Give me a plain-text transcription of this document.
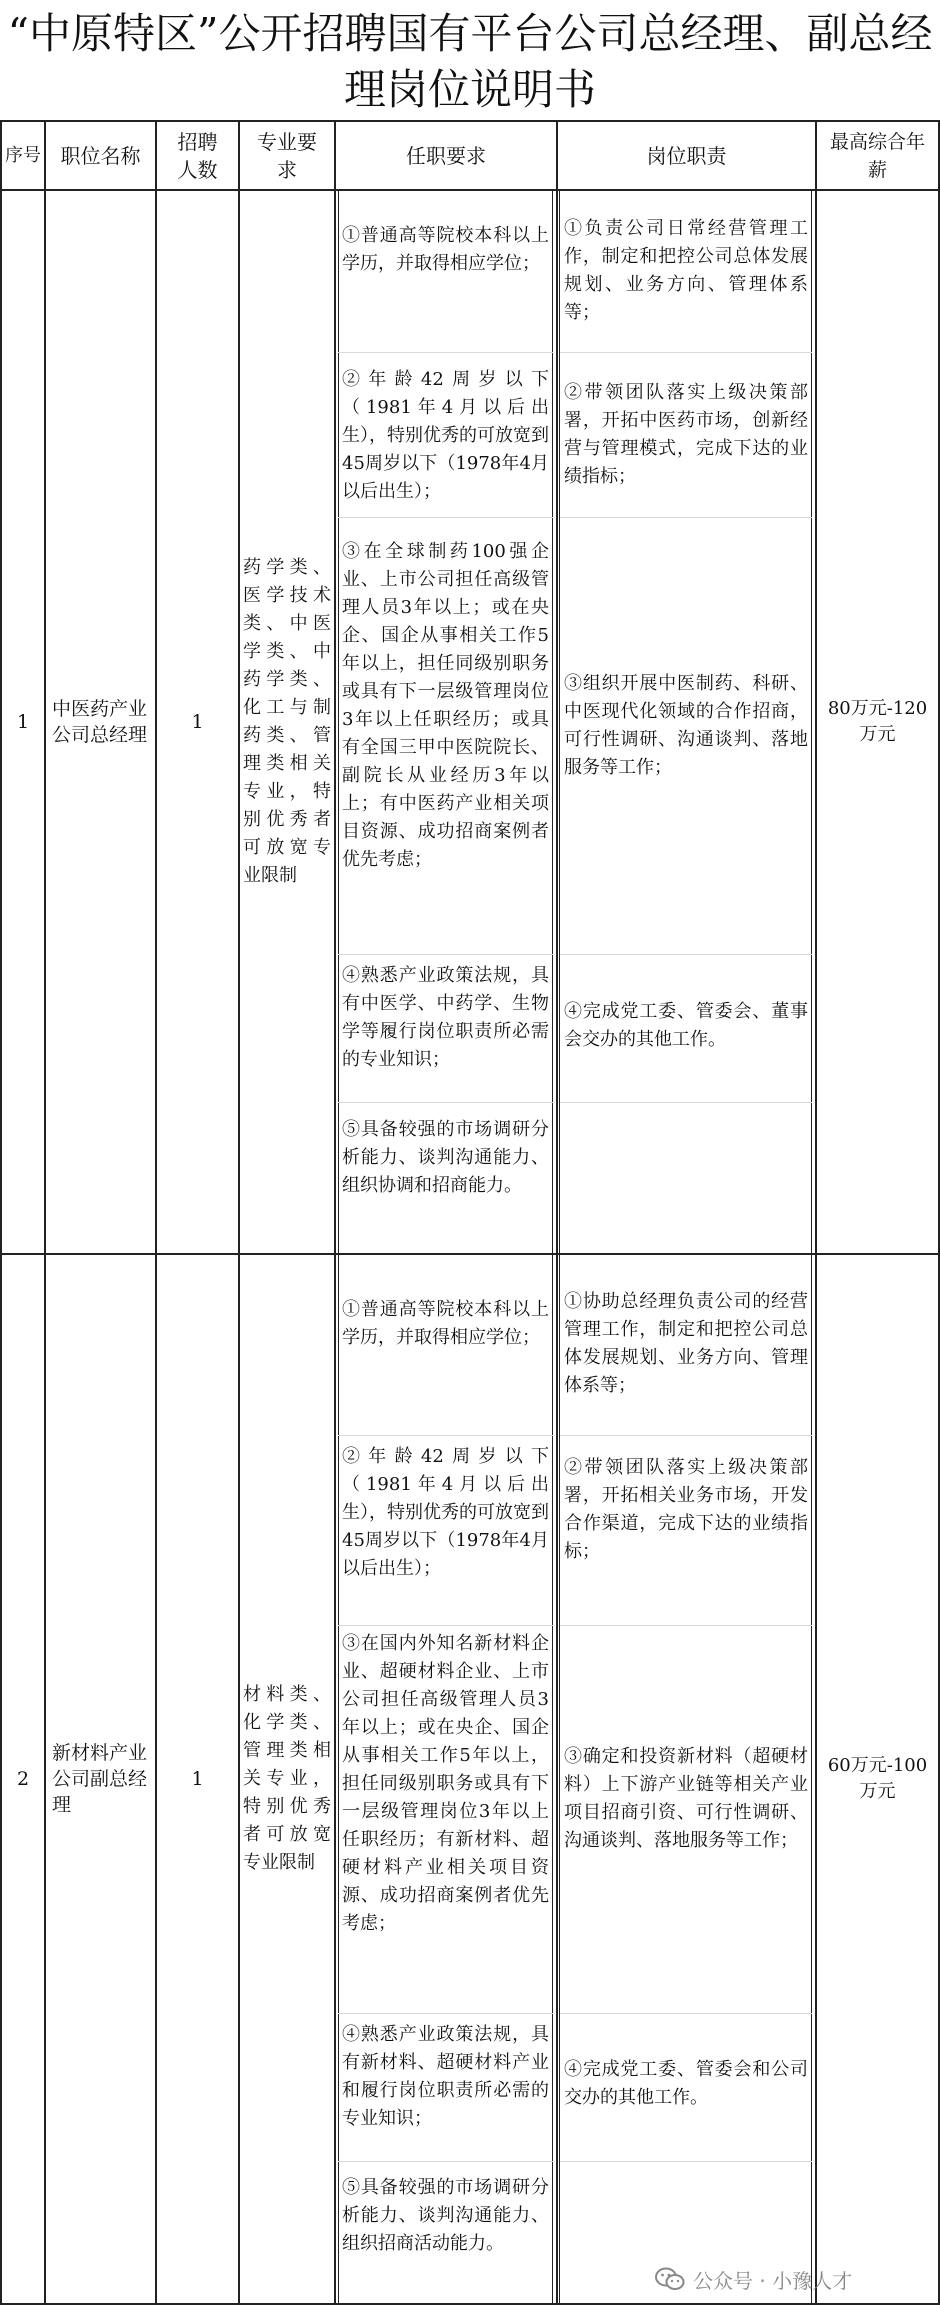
“中原特区”公开招聘国有平台公司总经理、副总经
理岗位说明书
序号 职位名称
招聘人数
专业要求
任职要求	岗位职责
最高综合年薪
1
中医药产业公司总经理
1
药学类、医学技术类、中医学类、中药学类、化工与制药类、管理类相关专业，特别优秀者可放宽专业限制
①普通高等院校本科以上学历，并取得相应学位；
②年龄42周岁以下（1981年4月以后出生），特别优秀的可放宽到45周岁以下（1978年4月以后出生）；
③在全球制药100强企业、上市公司担任高级管理人员3年以上；或在央企、国企从事相关工作5年以上，担任同级别职务或具有下一层级管理岗位3年以上任职经历；或具有全国三甲中医院院长、副院长从业经历3年以上；有中医药产业相关项目资源、成功招商案例者优先考虑；
④熟悉产业政策法规，具有中医学、中药学、生物学等履行岗位职责所必需的专业知识；
⑤具备较强的市场调研分析能力、谈判沟通能力、组织协调和招商能力。
①负责公司日常经营管理工作，制定和把控公司总体发展规划、业务方向、管理体系等；
②带领团队落实上级决策部署，开拓中医药市场，创新经营与管理模式，完成下达的业绩指标；
③组织开展中医制药、科研、中医现代化领域的合作招商，可行性调研、沟通谈判、落地服务等工作；
④完成党工委、管委会、董事会交办的其他工作。
80万元-120万元
2
新材料产业公司副总经理
1
材料类、化学类、管理类相关专业，特别优秀者可放宽专业限制
①普通高等院校本科以上学历，并取得相应学位；
②年龄42周岁以下（1981年4月以后出生），特别优秀的可放宽到45周岁以下（1978年4月以后出生）；
③在国内外知名新材料企业、超硬材料企业、上市公司担任高级管理人员3年以上；或在央企、国企从事相关工作5年以上，担任同级别职务或具有下一层级管理岗位3年以上任职经历；有新材料、超硬材料产业相关项目资源、成功招商案例者优先考虑；
④熟悉产业政策法规，具有新材料、超硬材料产业和履行岗位职责所必需的专业知识；
⑤具备较强的市场调研分析能力、谈判沟通能力、组织招商活动能力。
①协助总经理负责公司的经营管理工作，制定和把控公司总体发展规划、业务方向、管理体系等；
②带领团队落实上级决策部署，开拓相关业务市场，开发合作渠道，完成下达的业绩指标；
③确定和投资新材料（超硬材料）上下游产业链等相关产业项目招商引资、可行性调研、沟通谈判、落地服务等工作；
④完成党工委、管委会和公司交办的其他工作。
60万元-100万元
公众号 · 小豫人才
